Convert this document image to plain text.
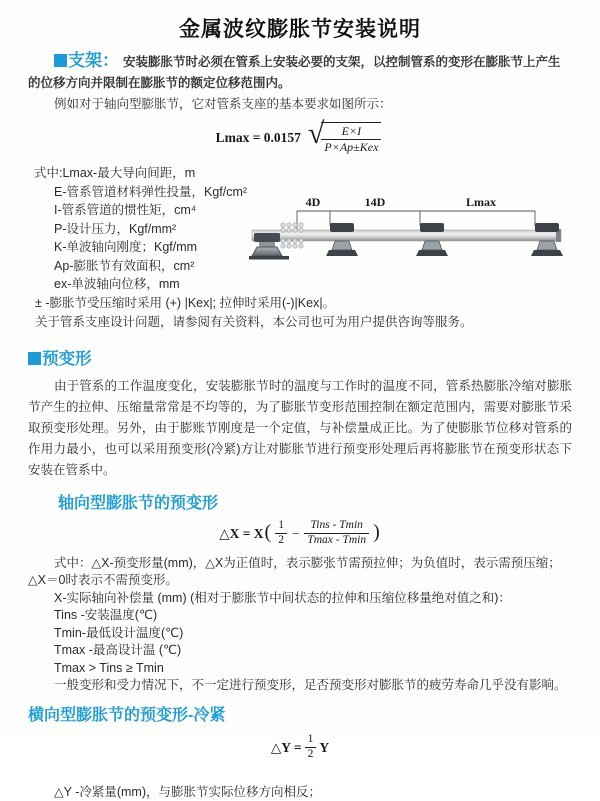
金属波纹膨胀节安装说明

支架： 安装膨胀节时必须在管系上安装必要的支架，以控制管系的变形在膨胀节上产生的位移方向并限制在膨胀节的额定位移范围内。

例如对于轴向型膨胀节，它对管系支座的基本要求如图所示：

Lmax = 0.0157 √
$\frac{E\times I}{\text{P×Ap±Kex}}$

式中:Lmax-最大导向间距，m

E-管系管道材料弹性投量，Kgf/cm²

I-管系管道的惯性矩，cm⁴

P-设计压力，Kgf/mm²

K-单波轴向刚度；Kgf/mm

Ap-膨胀节有效面积，cm²

ex-单波轴向位移，mm

± -膨胀节受压缩时采用 (+) |Kex|; 拉伸时采用(-)|Kex|。

关于管系支座设计问题，请参阅有关资料，本公司也可为用户提供咨询等服务。

4D	14D	Lmax
预变形

由于管系的工作温度变化，安装膨胀节时的温度与工作时的温度不同，管系热膨胀冷缩对膨胀节产生的拉伸、压缩量常常是不均等的，为了膨胀节变形范围控制在额定范围内，需要对膨胀节采取预变形处理。另外，由于膨账节刚度是一个定值，与补偿量成正比。为了使膨胀节位移对管系的作用力最小，也可以采用预变形(冷紧)方让对膨胀节进行预变形处理后再将膨胀节在预变形状态下安装在管系中。

轴向型膨胀节的预变形
△X = X ( $\frac{1}{2} - \frac{\text{Tins - Tmin}}{Tmax - Tmin}$ )

式中：△X-预变形量(mm)，△X为正值时，表示膨张节需预拉伸；为负值时，表示需预压缩；△X＝0时表示不需预变形。

X-实际轴向补偿量 (mm) (相对于膨胀节中间状态的拉伸和压缩位移量绝对值之和)：

Tins -安装温度(℃)

Tmin-最低设计温度(℃)

Tmax -最高设计温 (℃)

Tmax > Tins ≥ Tmin

一般变形和受力情况下，不一定进行预变形，足否预变形对膨胀节的疲劳寿命几乎没有影响。

横向型膨胀节的预变形-冷紧
△Y = $\frac{1}{2}$ Y

△Y -冷紧量(mm)，与膨胀节实际位移方向相反；
